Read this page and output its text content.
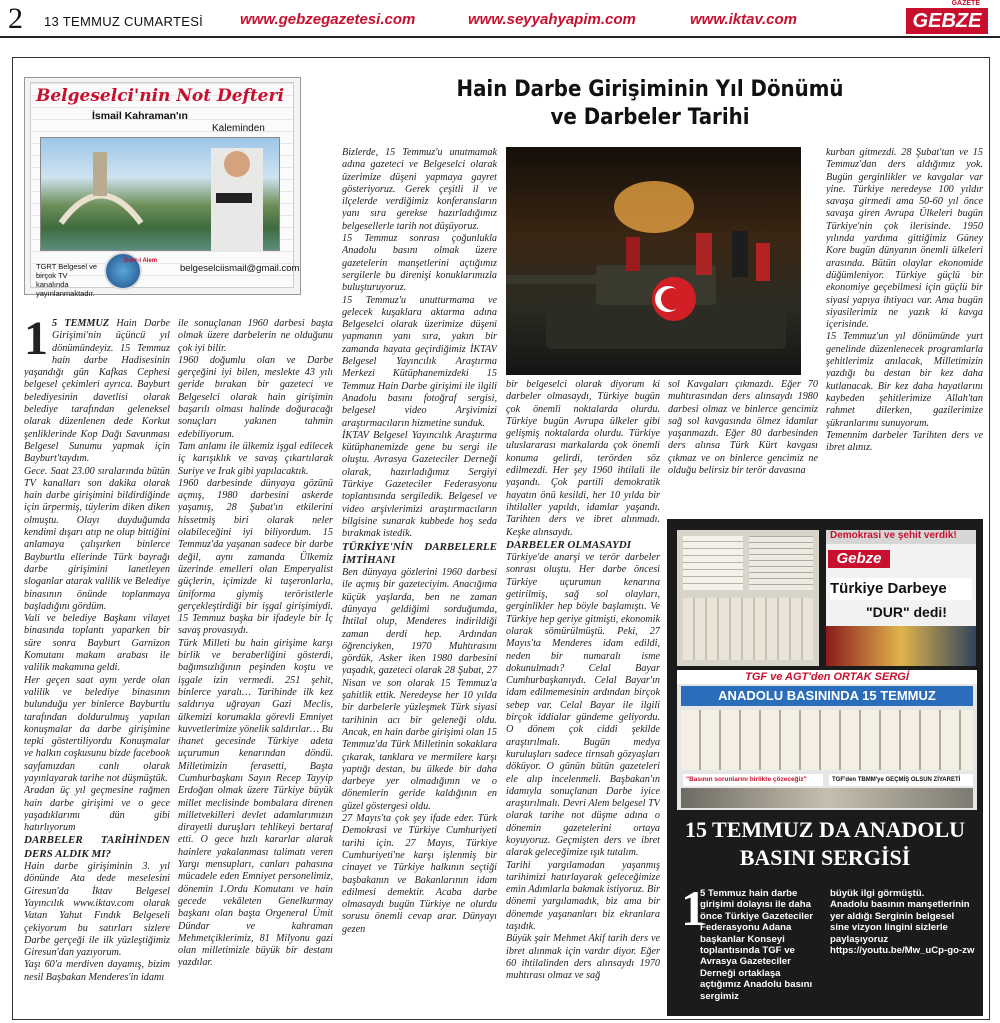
2 13 TEMMUZ CUMARTESİ www.gebzegazetesi.com	www.seyyahyapim.com	www.iktav.com
GAZETE
GEBZE
Hain Darbe Girişiminin Yıl Dönümü
ve Darbeler Tarihi
Belgeselci'nin Not Defteri
İsmail Kahraman'ın
Kaleminden
Devr-i Alem
TGRT Belgesel ve birçok TV kanalında yayınlanmaktadır.
belgeselciismail@gmail.com
1 5 TEMMUZ Hain Darbe Girişimi'nin üçüncü yıl dönümündeyiz. 15 Temmuz hain darbe Hadisesinin yaşandığı gün Kafkas Cephesi belgesel çekimleri ayrıca. Bayburt belediyesinin davetlisi olarak belediye tarafından geleneksel olarak düzenlenen dede Korkut şenliklerinde Kop Dağı Savunması Belgesel Sunumu yapmak için Bayburt'taydım.
Gece. Saat 23.00 sıralarında bütün TV kanalları son dakika olarak hain darbe girişimini bildirdiğinde için ürpermiş, tüylerim diken diken olmuştu. Olayı duyduğumda kendimi dışarı atıp ne olup bittiğini anlamaya çalışırken binlerce Bayburtlu ellerinde Türk bayrağı darbe girişimini lanetleyen sloganlar atarak valilik ve Belediye binasının önünde toplanmaya başladığını gördüm.
Vali ve belediye Başkanı vilayet binasında toplantı yaparken bir süre sonra Bayburt Garnizon Komutanı makam arabası ile valilik makamına geldi.
Her geçen saat aynı yerde olan valilik ve belediye binasının bulunduğu yer binlerce Bayburtlu tarafından doldurulmuş yapılan konuşmalar da darbe girişimine tepki göstertiliyordu Konuşmalar ve halkın coşkusunu bizde facebook sayfamızdan canlı olarak yayınlayarak tarihe not düşmüştük.
Aradan üç yıl geçmesine rağmen hain darbe girişimi ve o gece yaşadıklarımı dün gibi hatırlıyorum
DARBELER TARİHİNDEN DERS ALDIK MI?
Hain darbe girişiminin 3. yıl dönünde Ata dede meselesini Giresun'da İktav Belgesel Yayıncılık www.iktav.com olarak Vatan Yahut Fındık Belgeseli çekiyorum bu satırları sizlere Darbe gerçeği ile ilk yüzleştiğimiz Giresun'dan yazıyorum.
Yaşı 60'a merdiven dayamış, bizim nesil Başbakan Menderes'in idamı
ile sonuçlanan 1960 darbesi başta olmak üzere darbelerin ne olduğunu çok iyi bilir.
1960 doğumlu olan ve Darbe gerçeğini iyi bilen, meslekte 43 yılı geride bırakan bir gazeteci ve Belgeselci olarak hain girişimin başarılı olması halinde doğuracağı sonuçları yakınen tahmin edebiliyorum.
Tam anlamı ile ülkemiz işgal edilecek iç karışıklık ve savaş çıkartılarak Suriye ve Irak gibi yapılacaktık.
1960 darbesinde dünyaya gözünü açmış, 1980 darbesini askerde yaşamış, 28 Şubat'ın etkilerini hissetmiş biri olarak neler olabileceğini iyi biliyordum. 15 Temmuz'da yaşanan sadece bir darbe değil, aynı zamanda Ülkemiz üzerinde emelleri olan Emperyalist güçlerin, içimizde ki taşeronlarla, üniforma giymiş teröristlerle gerçekleştirdiği bir işgal girişimiydi. 15 Temmuz başka bir ifadeyle bir İç savaş provasıydı.
Türk Milleti bu hain girişime karşı birlik ve beraberliğini gösterdi, bağımsızlığının peşinden koştu ve işgale izin vermedi. 251 şehit, binlerce yaralı… Tarihinde ilk kez saldırıya uğrayan Gazi Meclis, ülkemizi korumakla görevli Emniyet kuvvetlerimize yönelik saldırılar… Bu ihanet gecesinde Türkiye adeta uçurumun kenarından döndü. Milletimizin ferasetti, Başta Cumhurbaşkanı Sayın Recep Tayyip Erdoğan olmak üzere Türkiye büyük millet meclisinde bombalara direnen milletvekilleri devlet adamlarımızın dirayetli duruşları tehlikeyi bertaraf etti. O gece hızlı kararlar alarak hainlere yakalanması talimatı veren Yargı mensupları, canları pahasına mücadele eden Emniyet personelimiz, dönemin 1.Ordu Komutanı ve hain gecede vekâleten Genelkurmay başkanı olan başta Orgeneral Ümit Dündar ve kahraman Mehmetçiklerimiz, 81 Milyonu gazi olan milletimizle büyük bir destanı yazdılar.
Bizlerde, 15 Temmuz'u unutmamak adına gazeteci ve Belgeselci olarak üzerimize düşeni yapmaya gayret gösteriyoruz. Gerek çeşitli il ve ilçelerde verdiğimiz konferansların yanı sıra gerekse hazırladığımız belgesellerle tarih not düşüyoruz.
15 Temmuz sonrası çoğunlukla Anadolu basını olmak üzere gazetelerin manşetlerini açtığımız sergilerle bu direnişi konuklarımızla buluşturuyoruz.
15 Temmuz'u unutturmama ve gelecek kuşaklara aktarma adına Belgeselci olarak üzerimize düşeni yapmanın yanı sıra, yakın bir zamanda hayata geçirdiğimiz İKTAV Belgesel Yayıncılık Araştırma Merkezi Kütüphanemizdeki 15 Temmuz Hain Darbe girişimi ile ilgili Anadolu basını fotoğraf sergisi, belgesel video Arşivimizi araştırmacıların hizmetine sunduk.
İKTAV Belgesel Yayıncılık Araştırma kütüphanemizde gene bu sergi ile oluştu. Avrasya Gazeteciler Derneği olarak, hazırladığımız Sergiyi Türkiye Gazeteciler Federasyonu toplantısında sergiledik. Belgesel ve video arşivlerimizi araştırmacıların bilgisine sunarak kubbede hoş seda bırakmak istedik.
TÜRKİYE'NİN DARBELERLE İMTİHANI
Ben dünyaya gözlerini 1960 darbesi ile açmış bir gazeteciyim. Anacığıma küçük yaşlarda, ben ne zaman dünyaya geldiğimi sorduğumda, İhtilal olup, Menderes indirildiği zaman derdi hep. Ardından öğrenciyken, 1970 Muhtırasını gördük, Asker iken 1980 darbesini yaşadık, gazeteci olarak 28 Şubat, 27 Nisan ve son olarak 15 Temmuz'a şahitlik ettik. Neredeyse her 10 yılda bir darbelerle yüzleşmek Türk siyasi tarihinin acı bir geleneği oldu. Ancak, en hain darbe girişimi olan 15 Temmuz'da Türk Milletinin sokaklara çıkarak, tanklara ve mermilere karşı yaptığı destan, bu ülkede bir daha darbeye yer olmadığının ve o dönemlerin geride kaldığının en güzel göstergesi oldu.
27 Mayıs'ta çok şey ifade eder. Türk Demokrasi ve Türkiye Cumhuriyeti tarihi için. 27 Mayıs, Türkiye Cumhuriyeti'ne karşı işlenmiş bir cinayet ve Türkiye halkının seçtiği başbakanın ve Bakanlarının idam edilmesi demektir. Acaba darbe olmasaydı bugün Türkiye ne olurdu sorusu önemli cevap arar. Dünyayı gezen
bir belgeselci olarak diyorum ki darbeler olmasaydı, Türkiye bugün çok önemli noktalarda olurdu. Türkiye bugün Avrupa ülkeler gibi gelişmiş noktalarda olurdu. Türkiye uluslararası markalarda çok önemli konuma gelirdi, terörden söz edilmezdi. Her şey 1960 ihtilali ile yaşandı. Çok partili demokratik hayatın önü kesildi, her 10 yılda bir ihtilaller yapıldı, idamlar yaşandı. Tarihten ders ve ibret alınmadı. Keşke alınsaydı.
DARBELER OLMASAYDI
Türkiye'de anarşi ve terör darbeler sonrası oluştu. Her darbe öncesi Türkiye uçurumun kenarına getirilmiş, sağ sol olayları, gerginlikler hep böyle başlamıştı. Ve Türkiye hep geriye gitmişti, ekonomik olarak sömürülmüştü. Peki, 27 Mayıs'ta Menderes idam edildi, neden bir numaralı isme dokunulmadı? Celal Bayar Cumhurbaşkanıydı. Celal Bayar'ın idam edilmemesinin ardından birçok sebep var. Celal Bayar ile ilgili birçok iddialar gündeme geliyordu. O dönem çok ciddi şekilde araştırılmalı. Bugün medya kuruluşları sadece tirnsah gözyaşları döküyor. O günün bütün gazeteleri ele alıp incelenmeli. Başbakan'ın idamıyla sonuçlanan Darbe iyice araştırılmalı. Devri Alem belgesel TV olarak tarihe not düşme adına o dönemin gazetelerini ortaya koyuyoruz. Geçmişten ders ve ibret alarak geleceğimize ışık tutalım.
Tarihi yargılamadan yaşanmış tarihimizi hatırlayarak geleceğimize emin Adımlarla bakmak istiyoruz. Bir dönemi yargılamadık, biz ama bir dönemde yaşananları biz ekranlara taşıdık.
Büyük şair Mehmet Akif tarih ders ve ibret alınmak için vardır diyor. Eğer 60 ihtilalinden ders alınsaydı 1970 muhtırası olmaz ve sağ
sol Kavgaları çıkmazdı. Eğer 70 muhtırasından ders alınsaydı 1980 darbesi olmaz ve binlerce gencimiz sağ sol kavgasında ölmez idamlar yaşanmazdı. Eğer 80 darbesinden ders alınsa Türk Kürt kavgası çıkmaz ve on binlerce gencimiz ne olduğu belirsiz bir terör davasına
kurban gitmezdi. 28 Şubat'tan ve 15 Temmuz'dan ders aldığımız yok. Bugün gerginlikler ve kavgalar var yine. Türkiye neredeyse 100 yıldır savaşa girmedi ama 50-60 yıl önce savaşa giren Avrupa Ülkeleri bugün Türkiye'nin çok ilerisinde. 1950 yılında yardıma gittiğimiz Güney Kore bugün dünyanın önemli ülkeleri arasında. Bütün olaylar ekonomide düğümleniyor. Türkiye güçlü bir ekonomiye geçebilmesi için güçlü bir siyasi yapıya ihtiyacı var. Ama bugün siyasilerimiz ne yazık ki kavga içerisinde.
15 Temmuz'un yıl dönümünde yurt genelinde düzenlenecek programlarla şehitlerimiz anılacak, Milletimizin yazdığı bu destan bir kez daha kutlanacak. Bir kez daha hayatlarını kaybeden şehitlerimize Allah'tan rahmet dilerken, gazilerimize şükranlarımı sunuyorum.
Temennim darbeler Tarihten ders ve ibret alınız.
Demokrasi ve şehit verdik!
Gebze
Türkiye Darbeye
"DUR" dedi!
TGF ve AGT'den ORTAK SERGİ
ANADOLU BASININDA 15 TEMMUZ
"Basının sorunlarını birlikte çözeceğiz"	TGF'den TBMM'ye GEÇMİŞ OLSUN ZİYARETİ
15 TEMMUZ DA ANADOLU BASINI SERGİSİ
1
5 Temmuz hain darbe girişimi dolayısı ile daha önce Türkiye Gazeteciler Federasyonu Adana başkanlar Konseyi toplantısında TGF ve Avrasya Gazeteciler Derneği ortaklaşa açtığımız Anadolu basını sergimiz
büyük ilgi görmüştü.
Anadolu basının manşetlerinin yer aldığı Serginin belgesel sine vizyon lingini sizlerle paylaşıyoruz
https://youtu.be/Mw_uCp-go-zw
